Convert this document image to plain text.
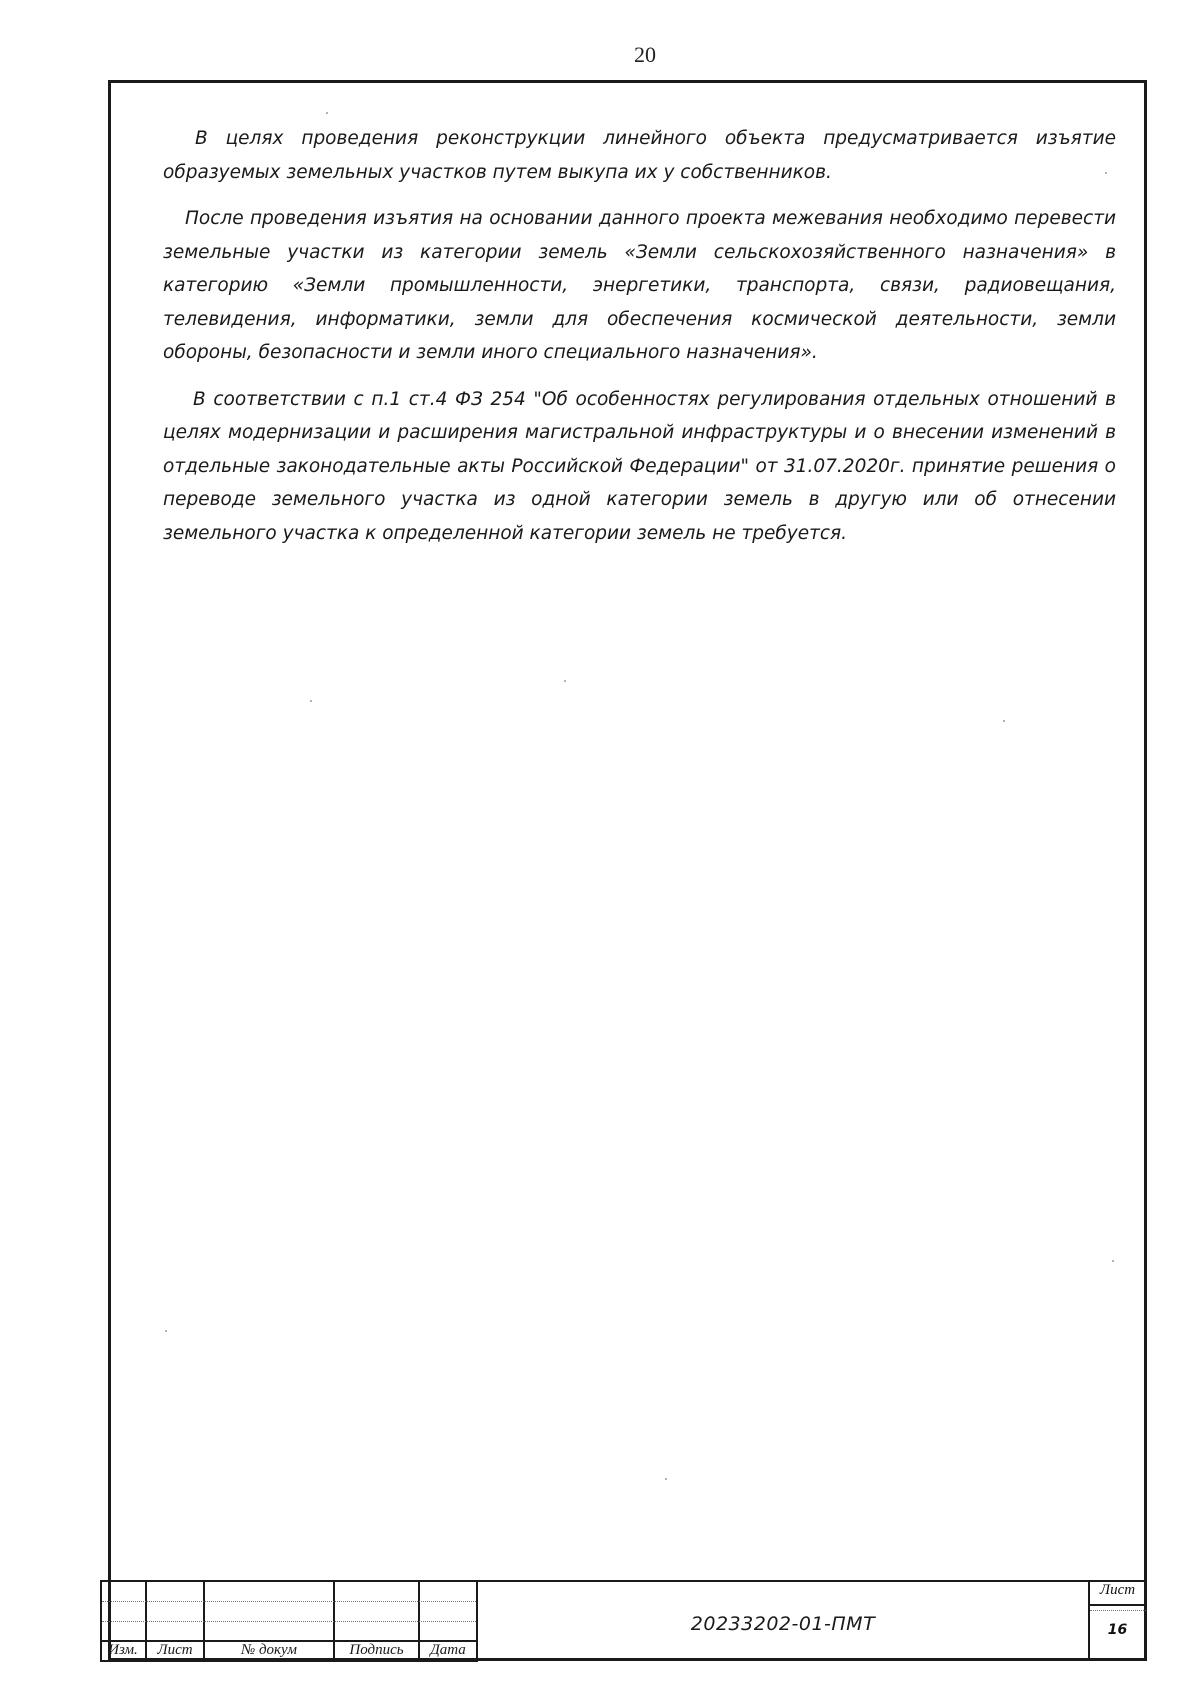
20

В целях проведения реконструкции линейного объекта предусматривается изъятие образуемых земельных участков путем выкупа их у собственников.

После проведения изъятия на основании данного проекта межевания необходимо перевести земельные участки из категории земель «Земли сельскохозяйственного назначения» в категорию «Земли промышленности, энергетики, транспорта, связи, радиовещания, телевидения, информатики, земли для обеспечения космической деятельности, земли обороны, безопасности и земли иного специального назначения».

В соответствии с п.1 ст.4 ФЗ 254 "Об особенностях регулирования отдельных отношений в целях модернизации и расширения магистральной инфраструктуры и о внесении изменений в отдельные законодательные акты Российской Федерации" от 31.07.2020г. принятие решения о переводе земельного участка из одной категории земель в другую или об отнесении земельного участка к определенной категории земель не требуется.

Изм.	Лист	№ докум	Подпись	Дата
20233202-01-ПМТ
Лист
16
